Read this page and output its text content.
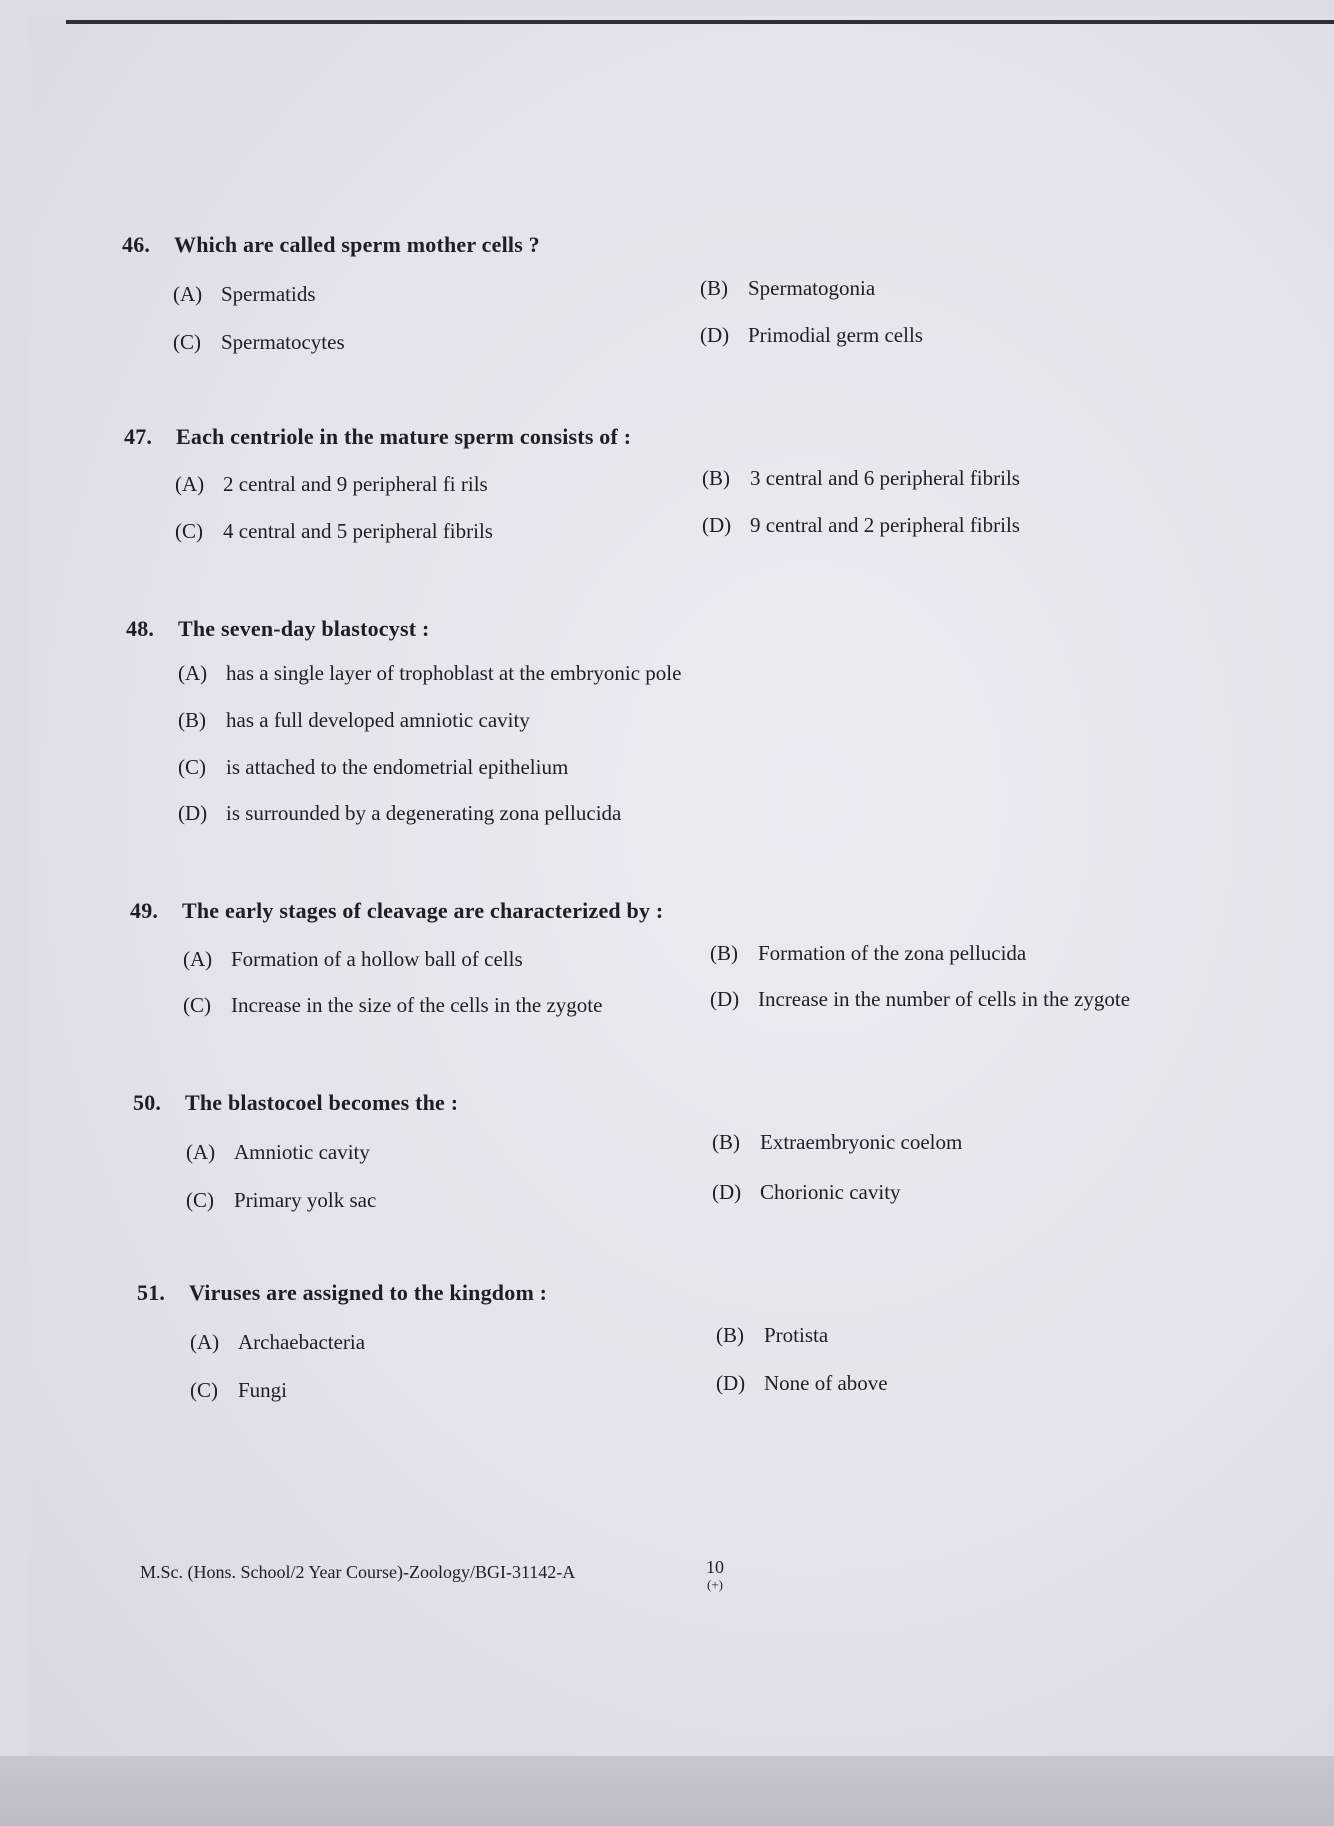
46. Which are called sperm mother cells ?
(A) Spermatids	(B) Spermatogonia
(C) Spermatocytes	(D) Primodial germ cells
47. Each centriole in the mature sperm consists of :
(A) 2 central and 9 peripheral fi rils	(B) 3 central and 6 peripheral fibrils
(C) 4 central and 5 peripheral fibrils	(D) 9 central and 2 peripheral fibrils
48. The seven-day blastocyst :
(A) has a single layer of trophoblast at the embryonic pole
(B) has a full developed amniotic cavity
(C) is attached to the endometrial epithelium
(D) is surrounded by a degenerating zona pellucida
49. The early stages of cleavage are characterized by :
(A) Formation of a hollow ball of cells	(B) Formation of the zona pellucida
(C) Increase in the size of the cells in the zygote	(D) Increase in the number of cells in the zygote
50. The blastocoel becomes the :
(A) Amniotic cavity	(B) Extraembryonic coelom
(C) Primary yolk sac	(D) Chorionic cavity
51. Viruses are assigned to the kingdom :
(A) Archaebacteria	(B) Protista
(C) Fungi	(D) None of above
M.Sc. (Hons. School/2 Year Course)-Zoology/BGI-31142-A	10
(+)
